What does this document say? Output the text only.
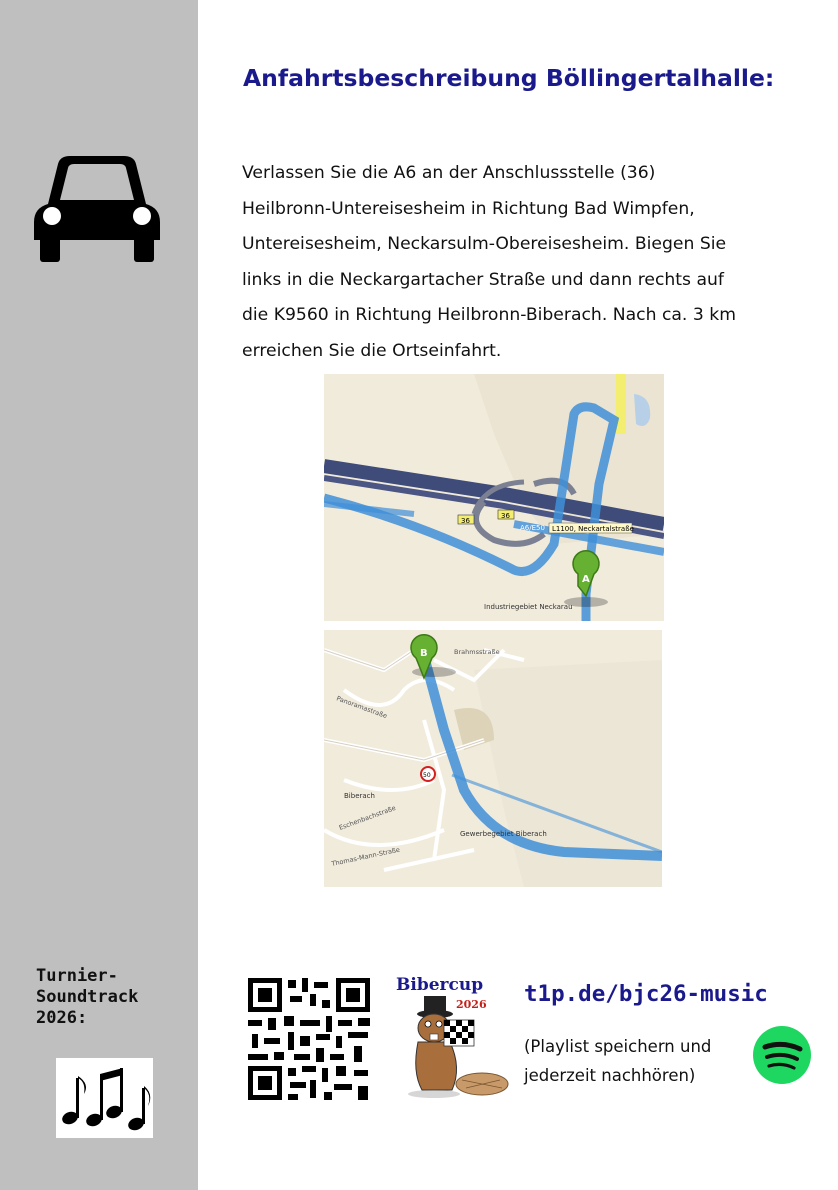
Turnier-
Soundtrack
2026:
Anfahrtsbeschreibung Böllingertalhalle:
Verlassen Sie die A6 an der Anschlussstelle (36)
Heilbronn-Untereisesheim in Richtung Bad Wimpfen,
Untereisesheim, Neckarsulm-Obereisesheim. Biegen Sie
links in die Neckargartacher Straße und dann rechts auf
die K9560 in Richtung Heilbronn-Biberach. Nach ca. 3 km
erreichen Sie die Ortseinfahrt.
36
36
A6/E50 L1100, Neckartalstraße
Industriegebiet Neckarau
A
50
Brahmsstraße
Thomas-Mann-Straße
Panoramastraße
Eschenbachstraße
Biberach
Gewerbegebiet Biberach
B
Bibercup
2026 t1p.de/bjc26-music
(Playlist speichern und
jederzeit nachhören)
